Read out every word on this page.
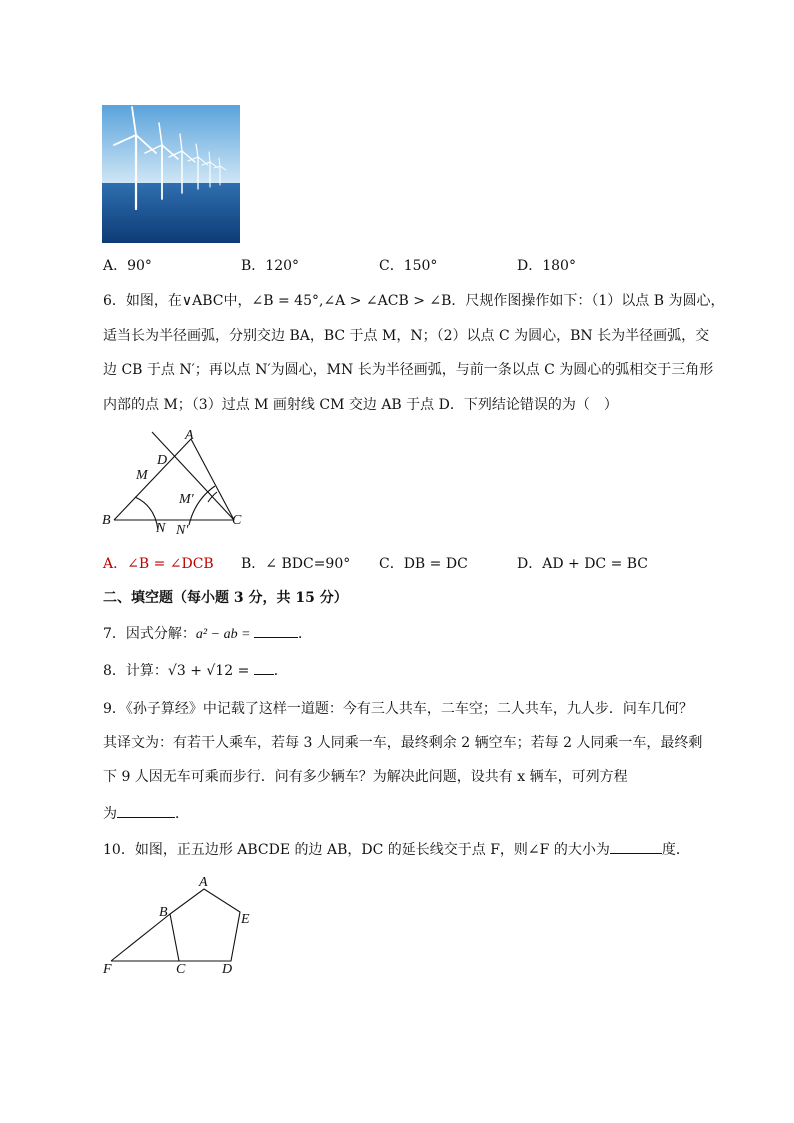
A．90°	B．120°	C．150°	D．180°
6．如图，在∨ABC中，∠B = 45°,∠A > ∠ACB > ∠B．尺规作图操作如下：（1）以点 B 为圆心，
适当长为半径画弧，分别交边 BA，BC 于点 M，N；（2）以点 C 为圆心，BN 长为半径画弧，交
边 CB 于点 N′；再以点 N′为圆心，MN 长为半径画弧，与前一条以点 C 为圆心的弧相交于三角形
内部的点 M；（3）过点 M 画射线 CM 交边 AB 于点 D．下列结论错误的为（　）
A
D
M
M′
B
N N′
C
A．∠B = ∠DCB B．∠ BDC=90° C．DB = DC	D．AD + DC = BC
二、填空题（每小题 3 分，共 15 分）
7．因式分解：a² − ab =	．
8．计算：√3 + √12 = ．
9．《孙子算经》中记载了这样一道题：今有三人共车，二车空；二人共车，九人步．问车几何？
其译文为：有若干人乘车，若每 3 人同乘一车，最终剩余 2 辆空车；若每 2 人同乘一车，最终剩
下 9 人因无车可乘而步行．问有多少辆车？为解决此问题，设共有 x 辆车，可列方程
为	．
10．如图，正五边形 ABCDE 的边 AB，DC 的延长线交于点 F，则∠F 的大小为	度．
A
B	E
F	C	D
